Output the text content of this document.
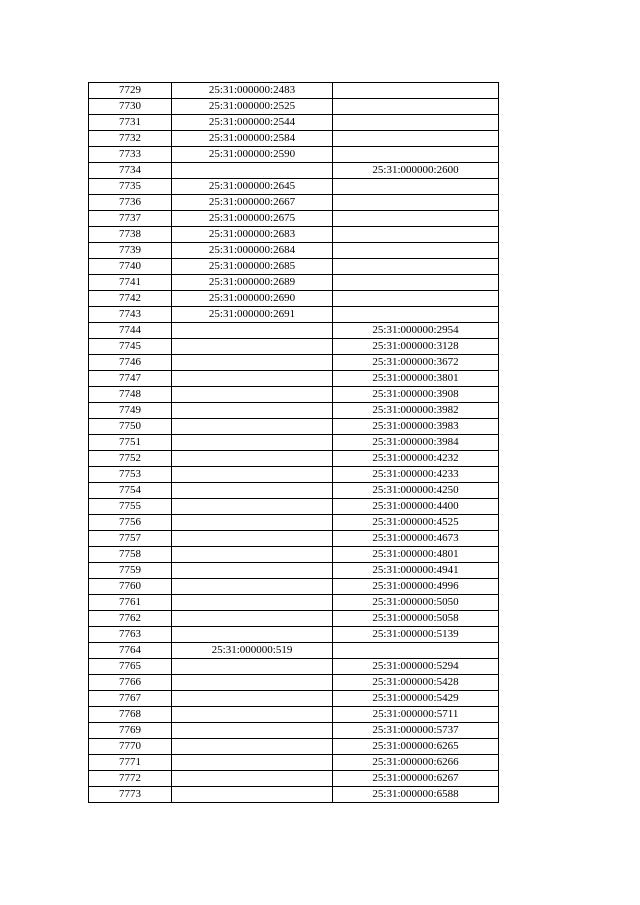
7729	25:31:000000:2483	
7730	25:31:000000:2525	
7731	25:31:000000:2544	
7732	25:31:000000:2584	
7733	25:31:000000:2590	
7734		25:31:000000:2600
7735	25:31:000000:2645	
7736	25:31:000000:2667	
7737	25:31:000000:2675	
7738	25:31:000000:2683	
7739	25:31:000000:2684	
7740	25:31:000000:2685	
7741	25:31:000000:2689	
7742	25:31:000000:2690	
7743	25:31:000000:2691	
7744		25:31:000000:2954
7745		25:31:000000:3128
7746		25:31:000000:3672
7747		25:31:000000:3801
7748		25:31:000000:3908
7749		25:31:000000:3982
7750		25:31:000000:3983
7751		25:31:000000:3984
7752		25:31:000000:4232
7753		25:31:000000:4233
7754		25:31:000000:4250
7755		25:31:000000:4400
7756		25:31:000000:4525
7757		25:31:000000:4673
7758		25:31:000000:4801
7759		25:31:000000:4941
7760		25:31:000000:4996
7761		25:31:000000:5050
7762		25:31:000000:5058
7763		25:31:000000:5139
7764	25:31:000000:519	
7765		25:31:000000:5294
7766		25:31:000000:5428
7767		25:31:000000:5429
7768		25:31:000000:5711
7769		25:31:000000:5737
7770		25:31:000000:6265
7771		25:31:000000:6266
7772		25:31:000000:6267
7773		25:31:000000:6588
